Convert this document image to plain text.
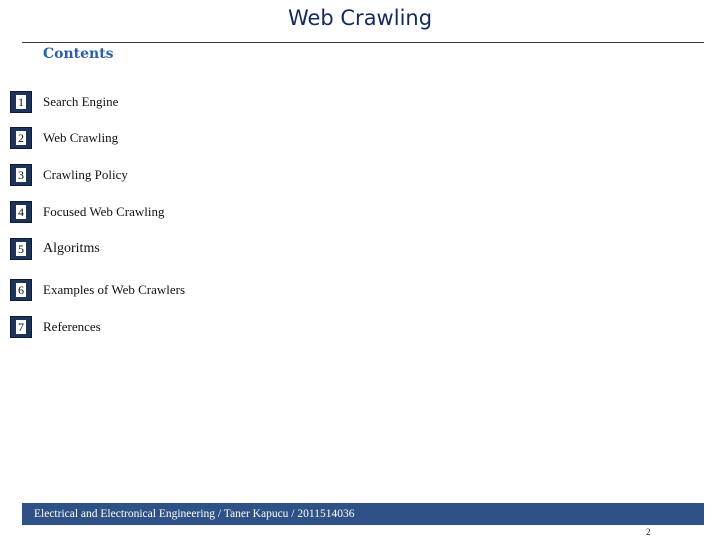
Web Crawling
Contents
1 Search Engine
2 Web Crawling
3 Crawling Policy
4 Focused Web Crawling
5 Algoritms
6 Examples of Web Crawlers
7 References
Electrical and Electronical Engineering / Taner Kapucu / 2011514036
2
